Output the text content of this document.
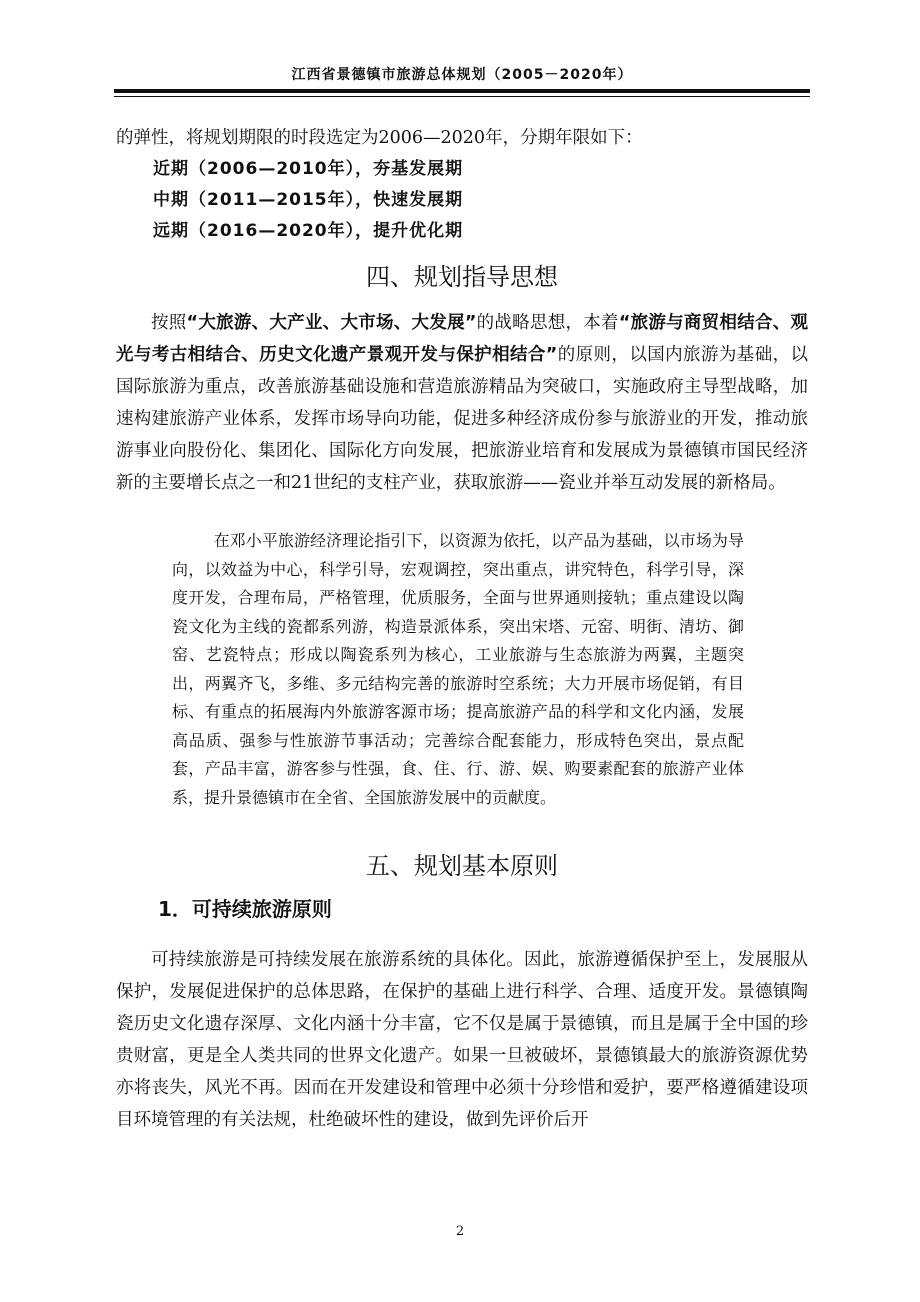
江西省景德镇市旅游总体规划（2005－2020年）

的弹性，将规划期限的时段选定为2006—2020年，分期年限如下：

近期（2006—2010年），夯基发展期

中期（2011—2015年），快速发展期

远期（2016—2020年），提升优化期

四、规划指导思想

按照“大旅游、大产业、大市场、大发展”的战略思想，本着“旅游与商贸相结合、观光与考古相结合、历史文化遗产景观开发与保护相结合”的原则，以国内旅游为基础，以国际旅游为重点，改善旅游基础设施和营造旅游精品为突破口，实施政府主导型战略，加速构建旅游产业体系，发挥市场导向功能，促进多种经济成份参与旅游业的开发，推动旅游事业向股份化、集团化、国际化方向发展，把旅游业培育和发展成为景德镇市国民经济新的主要增长点之一和21世纪的支柱产业，获取旅游——瓷业并举互动发展的新格局。

在邓小平旅游经济理论指引下，以资源为依托，以产品为基础，以市场为导向，以效益为中心，科学引导，宏观调控，突出重点，讲究特色，科学引导，深度开发，合理布局，严格管理，优质服务，全面与世界通则接轨；重点建设以陶瓷文化为主线的瓷都系列游，构造景派体系，突出宋塔、元窑、明街、清坊、御窑、艺瓷特点；形成以陶瓷系列为核心，工业旅游与生态旅游为两翼，主题突出，两翼齐飞，多维、多元结构完善的旅游时空系统；大力开展市场促销，有目标、有重点的拓展海内外旅游客源市场；提高旅游产品的科学和文化内涵，发展高品质、强参与性旅游节事活动；完善综合配套能力，形成特色突出，景点配套，产品丰富，游客参与性强，食、住、行、游、娱、购要素配套的旅游产业体系，提升景德镇市在全省、全国旅游发展中的贡献度。

五、规划基本原则
1．可持续旅游原则

可持续旅游是可持续发展在旅游系统的具体化。因此，旅游遵循保护至上，发展服从保护，发展促进保护的总体思路，在保护的基础上进行科学、合理、适度开发。景德镇陶瓷历史文化遗存深厚、文化内涵十分丰富，它不仅是属于景德镇，而且是属于全中国的珍贵财富，更是全人类共同的世界文化遗产。如果一旦被破坏，景德镇最大的旅游资源优势亦将丧失，风光不再。因而在开发建设和管理中必须十分珍惜和爱护，要严格遵循建设项目环境管理的有关法规，杜绝破坏性的建设，做到先评价后开

2
